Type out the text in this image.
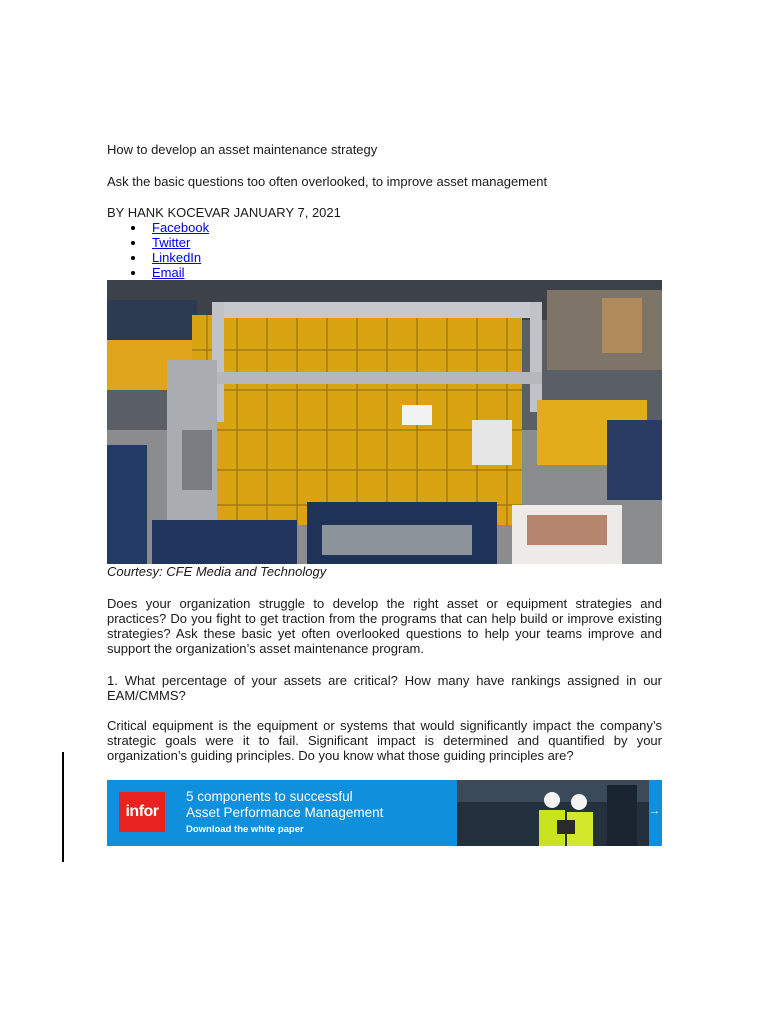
How to develop an asset maintenance strategy
Ask the basic questions too often overlooked, to improve asset management
BY HANK KOCEVAR JANUARY 7, 2021
Facebook
Twitter
LinkedIn
Email
Courtesy: CFE Media and Technology
Does your organization struggle to develop the right asset or equipment strategies and practices? Do you fight to get traction from the programs that can help build or improve existing strategies? Ask these basic yet often overlooked questions to help your teams improve and support the organization’s asset maintenance program.
1. What percentage of your assets are critical? How many have rankings assigned in our EAM/CMMS?
Critical equipment is the equipment or systems that would significantly impact the company’s strategic goals were it to fail. Significant impact is determined and quantified by your organization’s guiding principles. Do you know what those guiding principles are?
infor
5 components to successful
Asset Performance Management
Download the white paper
→
